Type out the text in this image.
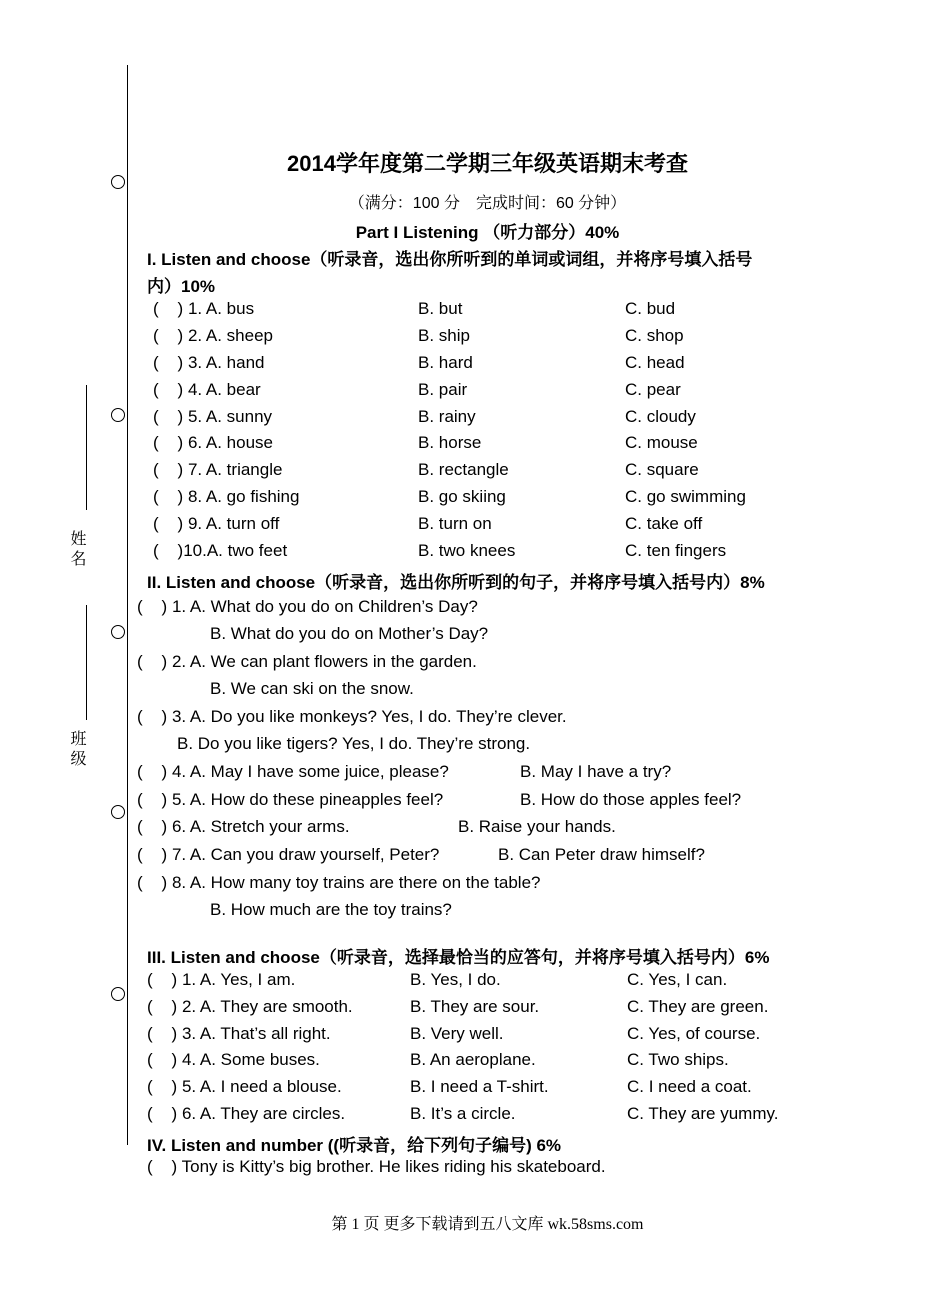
姓名
班级
2014学年度第二学期三年级英语期末考查
（满分：100 分　完成时间：60 分钟）
Part I Listening （听力部分）40%
I. Listen and choose（听录音，选出你所听到的单词或词组，并将序号填入括号
内）10%
(    ) 1. A. bus	B. but	C. bud
(    ) 2. A. sheep	B. ship	C. shop
(    ) 3. A. hand	B. hard	C. head
(    ) 4. A. bear	B. pair	C. pear
(    ) 5. A. sunny	B. rainy	C. cloudy
(    ) 6. A. house	B. horse	C. mouse
(    ) 7. A. triangle	B. rectangle	C. square
(    ) 8. A. go fishing	B. go skiing	C. go swimming
(    ) 9. A. turn off	B. turn on	C. take off
(    )10.A. two feet	B. two knees	C. ten fingers
II. Listen and choose（听录音，选出你所听到的句子，并将序号填入括号内）8%
(    ) 1. A. What do you do on Children’s Day?
B. What do you do on Mother’s Day?
(    ) 2. A. We can plant flowers in the garden.
B. We can ski on the snow.
(    ) 3. A. Do you like monkeys? Yes, I do. They’re clever.
B. Do you like tigers? Yes, I do. They’re strong.
(    ) 4. A. May I have some juice, please?	B. May I have a try?
(    ) 5. A. How do these pineapples feel?	B. How do those apples feel?
(    ) 6. A. Stretch your arms.	B. Raise your hands.
(    ) 7. A. Can you draw yourself, Peter?	B. Can Peter draw himself?
(    ) 8. A. How many toy trains are there on the table?
B. How much are the toy trains?
III. Listen and choose（听录音，选择最恰当的应答句，并将序号填入括号内）6%
(    ) 1. A. Yes, I am.	B. Yes, I do.	C. Yes, I can.
(    ) 2. A. They are smooth.	B. They are sour.	C. They are green.
(    ) 3. A. That’s all right.	B. Very well.	C. Yes, of course.
(    ) 4. A. Some buses.	B. An aeroplane.	C. Two ships.
(    ) 5. A. I need a blouse.	B. I need a T-shirt.	C. I need a coat.
(    ) 6. A. They are circles.	B. It’s a circle.	C. They are yummy.
IV. Listen and number ((听录音，给下列句子编号) 6%
(    ) Tony is Kitty’s big brother. He likes riding his skateboard.
第 1 页 更多下载请到五八文库 wk.58sms.com
